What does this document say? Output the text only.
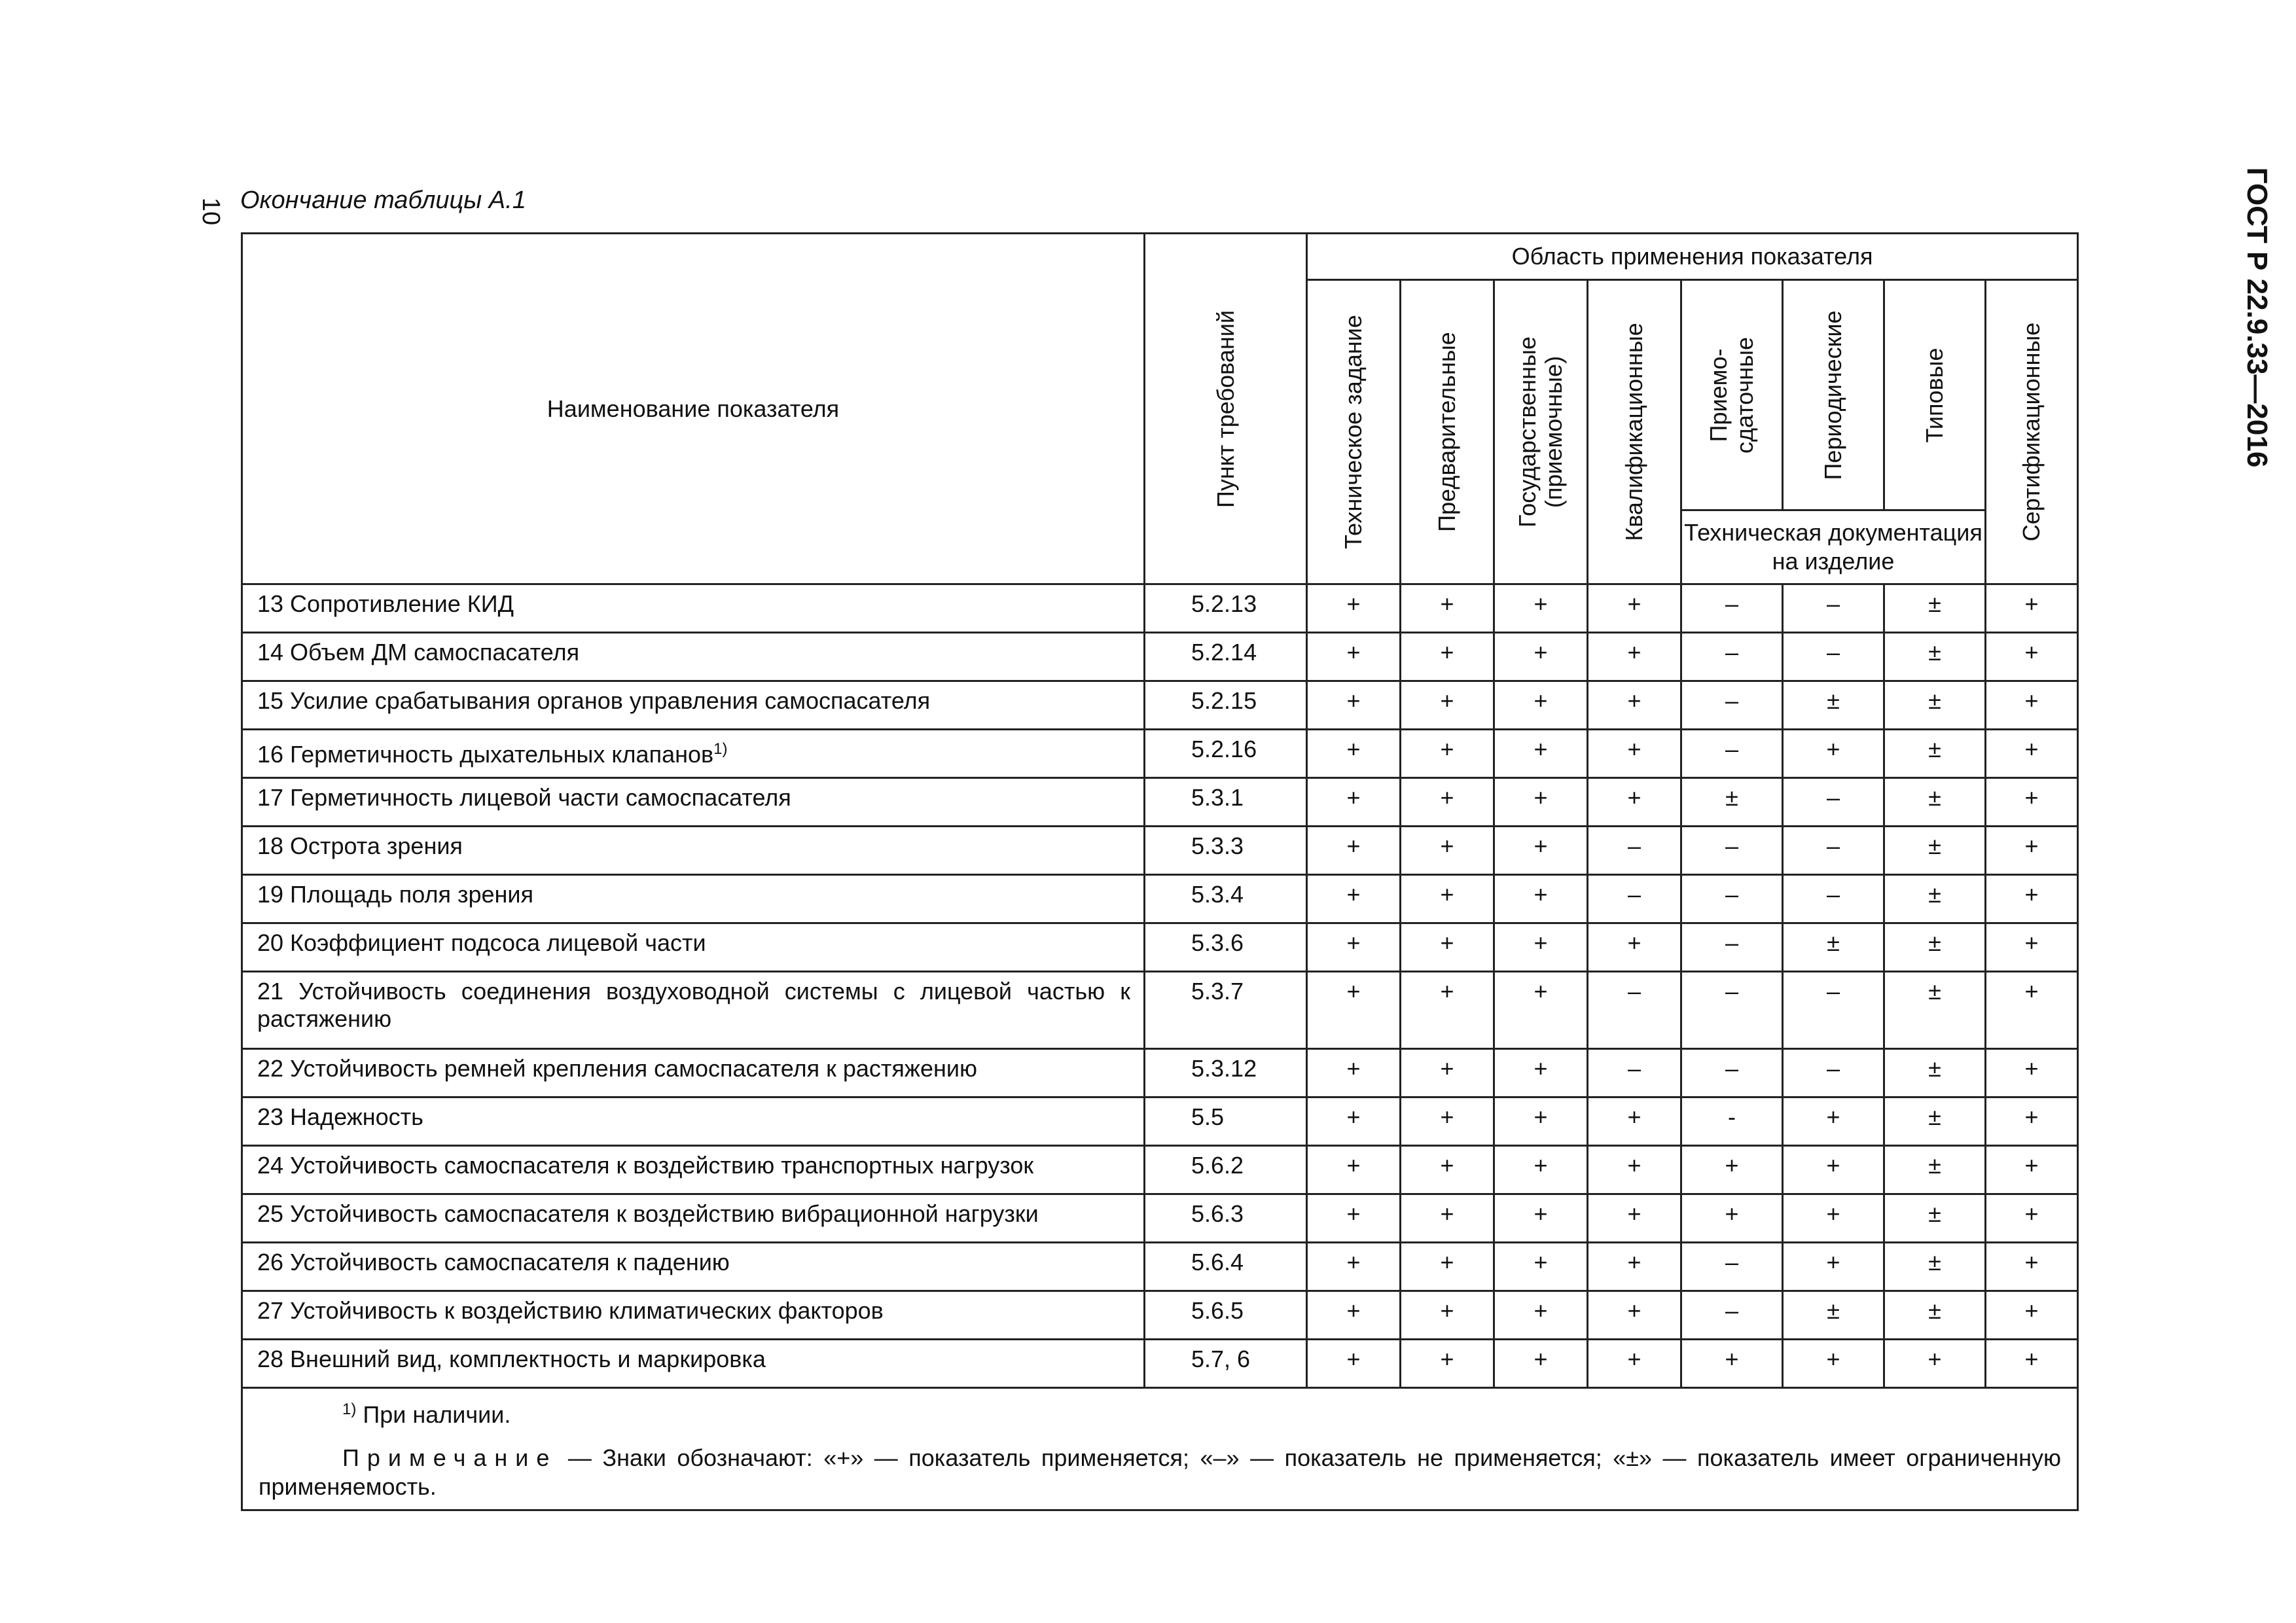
10	ГОСТ Р 22.9.33—2016
Окончание таблицы А.1
Наименование показателя	Пункт требований	Область применения показателя							

		Техническое задание	Предварительные	Государственные (приемочные)	Квалификационные	Приемо-сдаточные	Периодические	Типовые	Сертификационные

						Техническая документация на изделие			
13 Сопротивление КИД	5.2.13	+	+	+	+	–	–	±	+
14 Объем ДМ самоспасателя	5.2.14	+	+	+	+	–	–	±	+
15 Усилие срабатывания органов управления самоспасателя	5.2.15	+	+	+	+	–	±	±	+
16 Герметичность дыхательных клапанов$^{1)}$	5.2.16	+	+	+	+	–	+	±	+
17 Герметичность лицевой части самоспасателя	5.3.1	+	+	+	+	±	–	±	+
18 Острота зрения	5.3.3	+	+	+	–	–	–	±	+
19 Площадь поля зрения	5.3.4	+	+	+	–	–	–	±	+
20 Коэффициент подсоса лицевой части	5.3.6	+	+	+	+	–	±	±	+
21 Устойчивость соединения воздуховодной системы с лицевой частью к растяжению	5.3.7	+	+	+	–	–	–	±	+
22 Устойчивость ремней крепления самоспасателя к растяжению	5.3.12	+	+	+	–	–	–	±	+
23 Надежность	5.5	+	+	+	+	-	+	±	+
24 Устойчивость самоспасателя к воздействию транспортных нагрузок	5.6.2	+	+	+	+	+	+	±	+
25 Устойчивость самоспасателя к воздействию вибрационной нагрузки	5.6.3	+	+	+	+	+	+	±	+
26 Устойчивость самоспасателя к падению	5.6.4	+	+	+	+	–	+	±	+
27 Устойчивость к воздействию климатических факторов	5.6.5	+	+	+	+	–	±	±	+
28 Внешний вид, комплектность и маркировка	5.7, 6	+	+	+	+	+	+	+	+

$^{1)}$ При наличии.
Примечание — Знаки обозначают: «+» — показатель применяется; «–» — показатель не применяется; «±» — показатель имеет ограниченную применяемость.									
